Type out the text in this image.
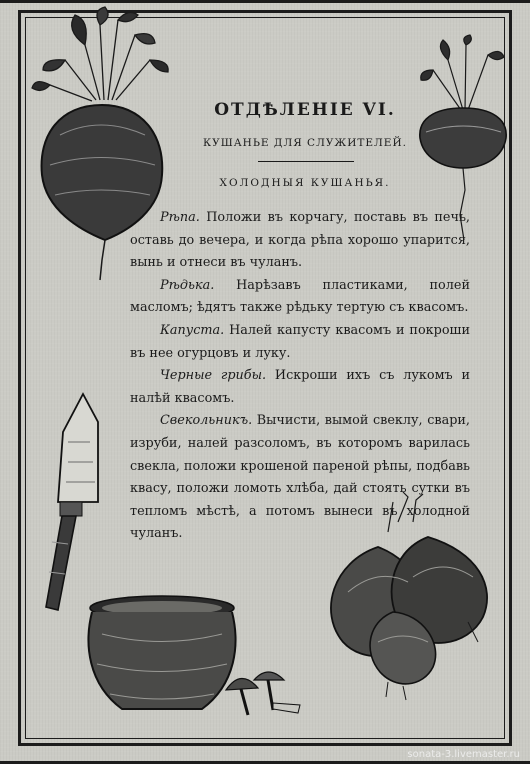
ОТДѢЛЕНIЕ VI.
КУШАНЬЕ ДЛЯ СЛУЖИТЕЛЕЙ.
ХОЛОДНЫЯ КУШАНЬЯ.

Рѣпа. Положи въ корчагу, поставь въ печь, оставь до вечера, и когда рѣпа хорошо упарится, вынь и отнеси въ чуланъ.

Рѣдька. Нарѣзавъ пластиками, полей масломъ; ѣдятъ также рѣдьку тертую съ квасомъ.

Капуста. Налей капусту квасомъ и покроши въ нее огурцовъ и луку.

Черные грибы. Искроши ихъ съ лукомъ и налѣй квасомъ.

Свекольникъ. Вычисти, вымой свеклу, свари, изруби, налей разсоломъ, въ которомъ варилась свекла, положи крошеной пареной рѣпы, подбавь квасу, положи ломоть хлѣба, дай стоять сутки въ тепломъ мѣстѣ, а потомъ вынеси въ холодной чуланъ.

sonata-3.livemaster.ru
